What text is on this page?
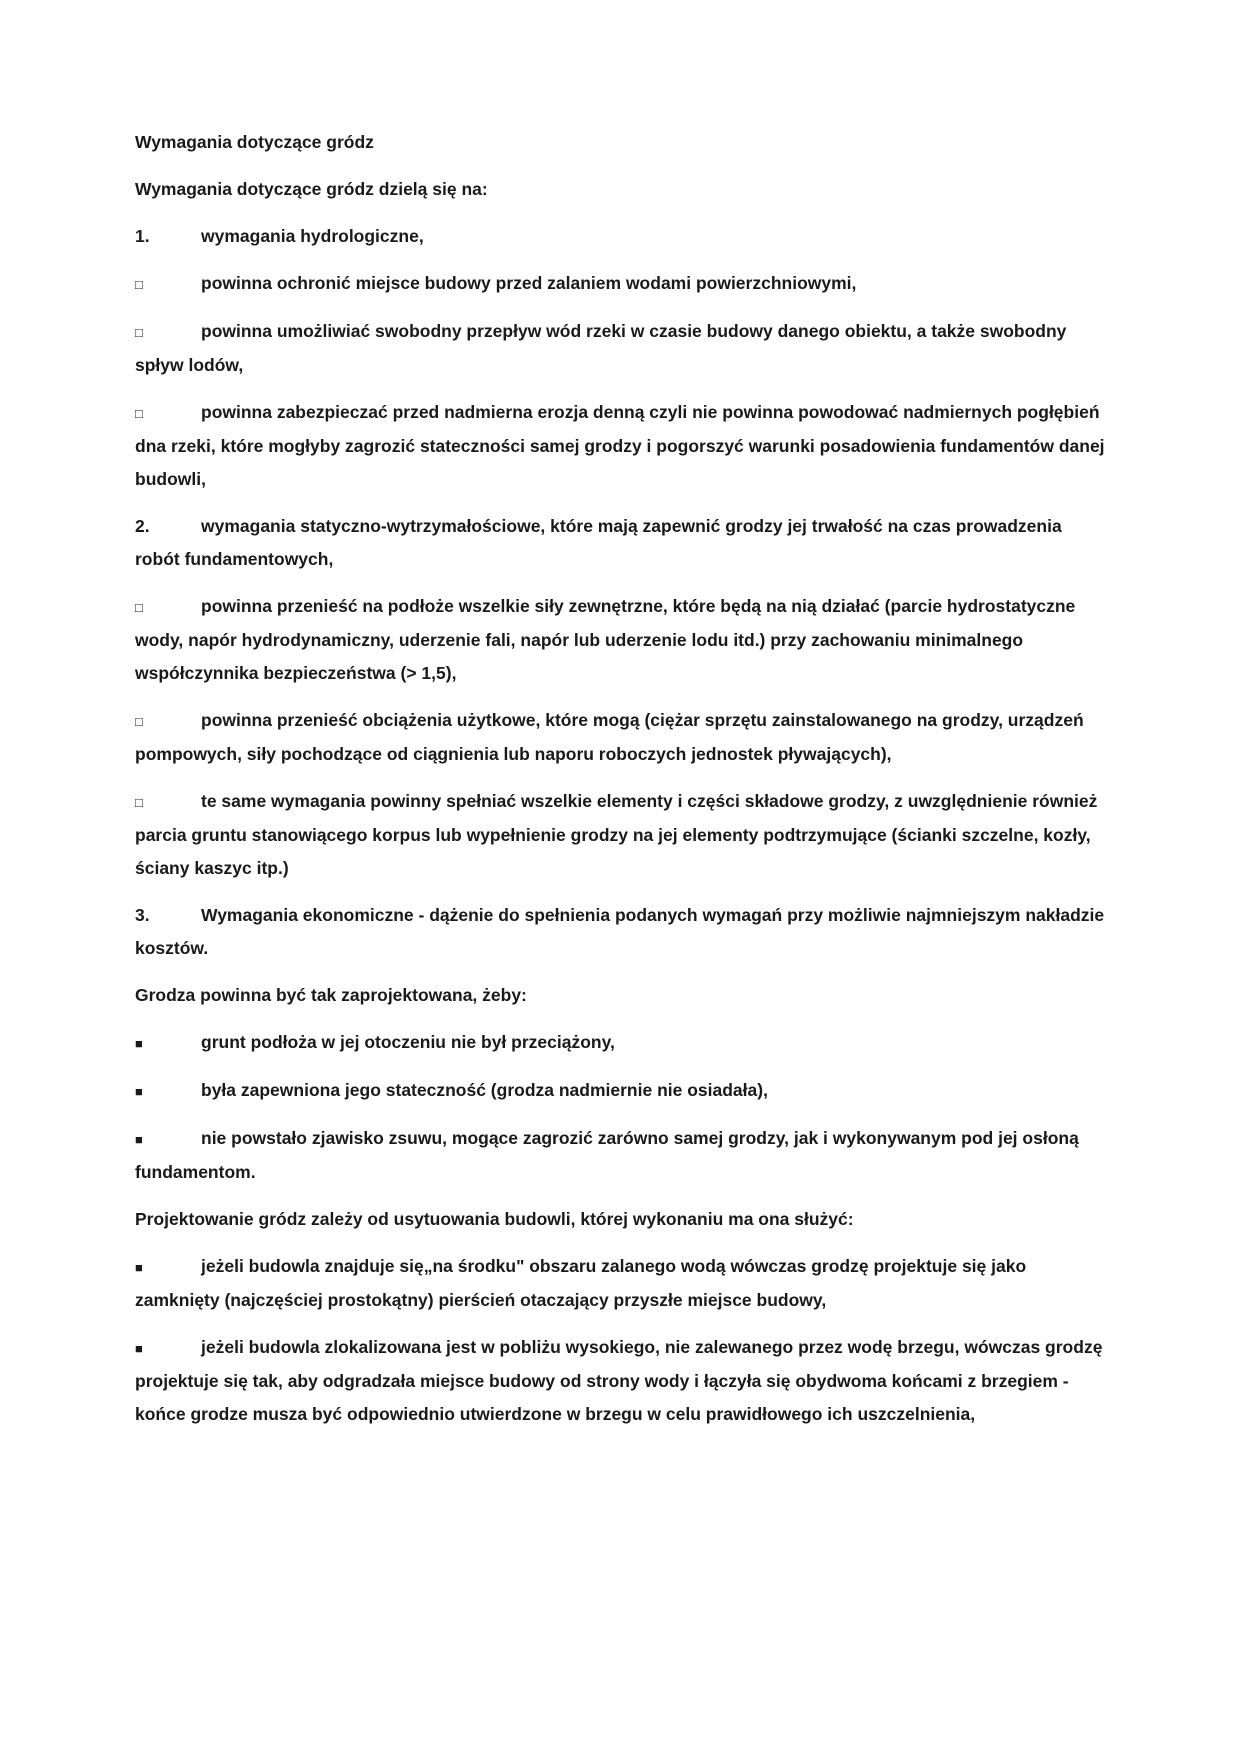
Wymagania dotyczące gródz

Wymagania dotyczące gródz dzielą się na:

1.	wymagania hydrologiczne,

□	powinna ochronić miejsce budowy przed zalaniem wodami powierzchniowymi,

□	powinna umożliwiać swobodny przepływ wód rzeki w czasie budowy danego obiektu, a także swobodny spływ lodów,

□	powinna zabezpieczać przed nadmierna erozja denną czyli nie powinna powodować nadmiernych pogłębień dna rzeki, które mogłyby zagrozić stateczności samej grodzy i pogorszyć warunki posadowienia fundamentów danej budowli,

2.	wymagania statyczno-wytrzymałościowe, które mają zapewnić grodzy jej trwałość na czas prowadzenia robót fundamentowych,

□	powinna przenieść na podłoże wszelkie siły zewnętrzne, które będą na nią działać (parcie hydrostatyczne wody, napór hydrodynamiczny, uderzenie fali, napór lub uderzenie lodu itd.) przy zachowaniu minimalnego współczynnika bezpieczeństwa (> 1,5),

□	powinna przenieść obciążenia użytkowe, które mogą (ciężar sprzętu zainstalowanego na grodzy, urządzeń pompowych, siły pochodzące od ciągnienia lub naporu roboczych jednostek pływających),

□	te same wymagania powinny spełniać wszelkie elementy i części składowe grodzy, z uwzględnienie również parcia gruntu stanowiącego korpus lub wypełnienie grodzy na jej elementy podtrzymujące (ścianki szczelne, kozły, ściany kaszyc itp.)

3.	Wymagania ekonomiczne - dążenie do spełnienia podanych wymagań przy możliwie najmniejszym nakładzie kosztów.

Grodza powinna być tak zaprojektowana, żeby:

■	grunt podłoża w jej otoczeniu nie był przeciążony,

■	była zapewniona jego stateczność (grodza nadmiernie nie osiadała),

■	nie powstało zjawisko zsuwu, mogące zagrozić zarówno samej grodzy, jak i wykonywanym pod jej osłoną fundamentom.

Projektowanie gródz zależy od usytuowania budowli, której wykonaniu ma ona służyć:

■	jeżeli budowla znajduje się„na środku" obszaru zalanego wodą wówczas grodzę projektuje się jako zamknięty (najczęściej prostokątny) pierścień otaczający przyszłe miejsce budowy,

■	jeżeli budowla zlokalizowana jest w pobliżu wysokiego, nie zalewanego przez wodę brzegu, wówczas grodzę projektuje się tak, aby odgradzała miejsce budowy od strony wody i łączyła się obydwoma końcami z brzegiem - końce grodze musza być odpowiednio utwierdzone w brzegu w celu prawidłowego ich uszczelnienia,
